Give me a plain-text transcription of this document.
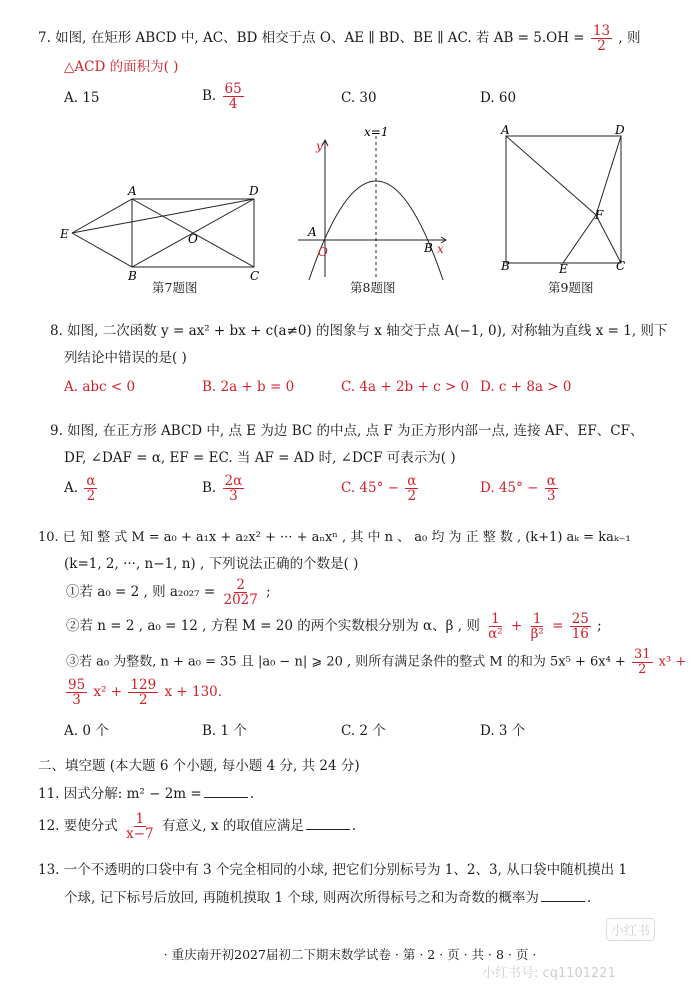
7. 如图, 在矩形 ABCD 中, AC、BD 相交于点 O、AE ∥ BD、BE ∥ AC. 若 AB = $5.OH = \frac{13}{2}$ , 则
△ACD 的面积为( )
A. 15	B. $\frac{65}{4}$	C. 30	D. 60
A	D
B	C
E	O
第7题图
x=1
y
x
A
B
O
第8题图
A	D
B	C
E
F
第9题图
8. 如图, 二次函数 y = ax² + bx + c(a≠0) 的图象与 x 轴交于点 A(−1, 0), 对称轴为直线 x = 1, 则下
列结论中错误的是( )
A. abc < 0	B. 2a + b = 0	C. 4a + 2b + c > 0 D. c + 8a > 0
9. 如图, 在正方形 ABCD 中, 点 E 为边 BC 的中点, 点 F 为正方形内部一点, 连接 AF、EF、CF、
DF, ∠DAF = α, EF = EC. 当 AF = AD 时, ∠DCF 可表示为( )
A. $\frac{\alpha}{2}$	B. $\frac{2\alpha}{3}$	C. $45^\circ - \frac{\alpha}{2}$	D. $45^\circ - \frac{\alpha}{3}$
10. 已 知 整 式 M = a₀ + a₁x + a₂x² + ··· + aₙxⁿ , 其 中 n 、 a₀ 均 为 正 整 数 , (k+1) aₖ = kaₖ₋₁
(k=1, 2, ···, n−1, n) , 下列说法正确的个数是( )
①若 a₀ = 2 , 则 $a_{2027} = \frac{2}{2027}$ ;
②若 n = 2 , a₀ = 12 , 方程 M = 20 的两个实数根分别为 α、β , 则 $\frac{1}{\text{α²}} + \frac{1}{\text{β²}} = \frac{25}{16}$ ;
③若 a₀ 为整数, n + a₀ = 35 且 |a₀ − n| ⩾ 20 , 则所有满足条件的整式 M 的和为 $5x^5 + 6x^4 + \frac{31}{2} x^3$ +
$\frac{95}{3} x^2 + \frac{129}{2}$ x + 130.
A. 0 个	B. 1 个	C. 2 个	D. 3 个
二、填空题 (本大题 6 个小题, 每小题 4 分, 共 24 分)
11. 因式分解: m² − 2m =	.
12. 要使分式 $\frac{1}{x-7}$ 有意义, x 的取值应满足	.
13. 一个不透明的口袋中有 3 个完全相同的小球, 把它们分别标号为 1、2、3, 从口袋中随机摸出 1
个球, 记下标号后放回, 再随机摸取 1 个球, 则两次所得标号之和为奇数的概率为	.
· 重庆南开初2027届初二下期末数学试卷 · 第 · 2 · 页 · 共 · 8 · 页 ·
小红书
小红书号: cq1101221
